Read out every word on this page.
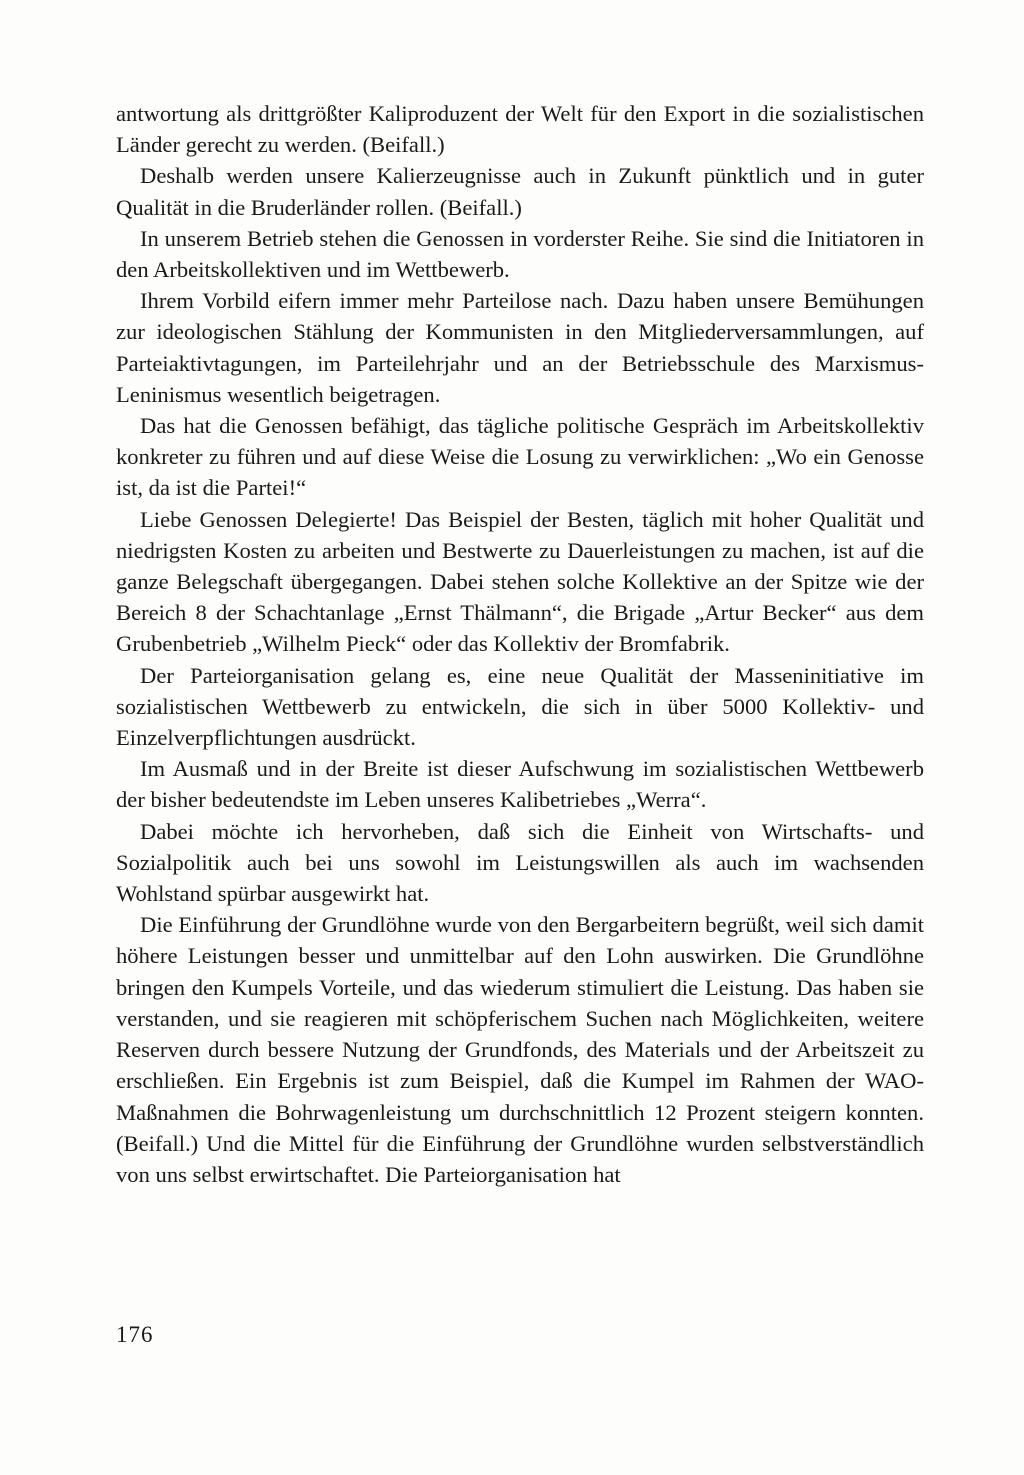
antwortung als drittgrößter Kaliproduzent der Welt für den Export in die sozialistischen Länder gerecht zu werden. (Beifall.)

Deshalb werden unsere Kalierzeugnisse auch in Zukunft pünktlich und in guter Qualität in die Bruderländer rollen. (Beifall.)

In unserem Betrieb stehen die Genossen in vorderster Reihe. Sie sind die Initiatoren in den Arbeitskollektiven und im Wettbewerb.

Ihrem Vorbild eifern immer mehr Parteilose nach. Dazu haben unsere Bemühungen zur ideologischen Stählung der Kommunisten in den Mitgliederversammlungen, auf Parteiaktivtagungen, im Parteilehrjahr und an der Betriebsschule des Marxismus-Leninismus wesentlich beigetragen.

Das hat die Genossen befähigt, das tägliche politische Gespräch im Arbeitskollektiv konkreter zu führen und auf diese Weise die Losung zu verwirklichen: „Wo ein Genosse ist, da ist die Partei!“

Liebe Genossen Delegierte! Das Beispiel der Besten, täglich mit hoher Qualität und niedrigsten Kosten zu arbeiten und Bestwerte zu Dauerleistungen zu machen, ist auf die ganze Belegschaft übergegangen. Dabei stehen solche Kollektive an der Spitze wie der Bereich 8 der Schachtanlage „Ernst Thälmann“, die Brigade „Artur Becker“ aus dem Grubenbetrieb „Wilhelm Pieck“ oder das Kollektiv der Bromfabrik.

Der Parteiorganisation gelang es, eine neue Qualität der Masseninitiative im sozialistischen Wettbewerb zu entwickeln, die sich in über 5000 Kollektiv- und Einzelverpflichtungen ausdrückt.

Im Ausmaß und in der Breite ist dieser Aufschwung im sozialistischen Wettbewerb der bisher bedeutendste im Leben unseres Kalibetriebes „Werra“.

Dabei möchte ich hervorheben, daß sich die Einheit von Wirtschafts- und Sozialpolitik auch bei uns sowohl im Leistungswillen als auch im wachsenden Wohlstand spürbar ausgewirkt hat.

Die Einführung der Grundlöhne wurde von den Bergarbeitern begrüßt, weil sich damit höhere Leistungen besser und unmittelbar auf den Lohn auswirken. Die Grundlöhne bringen den Kumpels Vorteile, und das wiederum stimuliert die Leistung. Das haben sie verstanden, und sie reagieren mit schöpferischem Suchen nach Möglichkeiten, weitere Reserven durch bessere Nutzung der Grundfonds, des Materials und der Arbeitszeit zu erschließen. Ein Ergebnis ist zum Beispiel, daß die Kumpel im Rahmen der WAO-Maßnahmen die Bohrwagenleistung um durchschnittlich 12 Prozent steigern konnten. (Beifall.) Und die Mittel für die Einführung der Grundlöhne wurden selbstverständlich von uns selbst erwirtschaftet. Die Parteiorganisation hat

176
